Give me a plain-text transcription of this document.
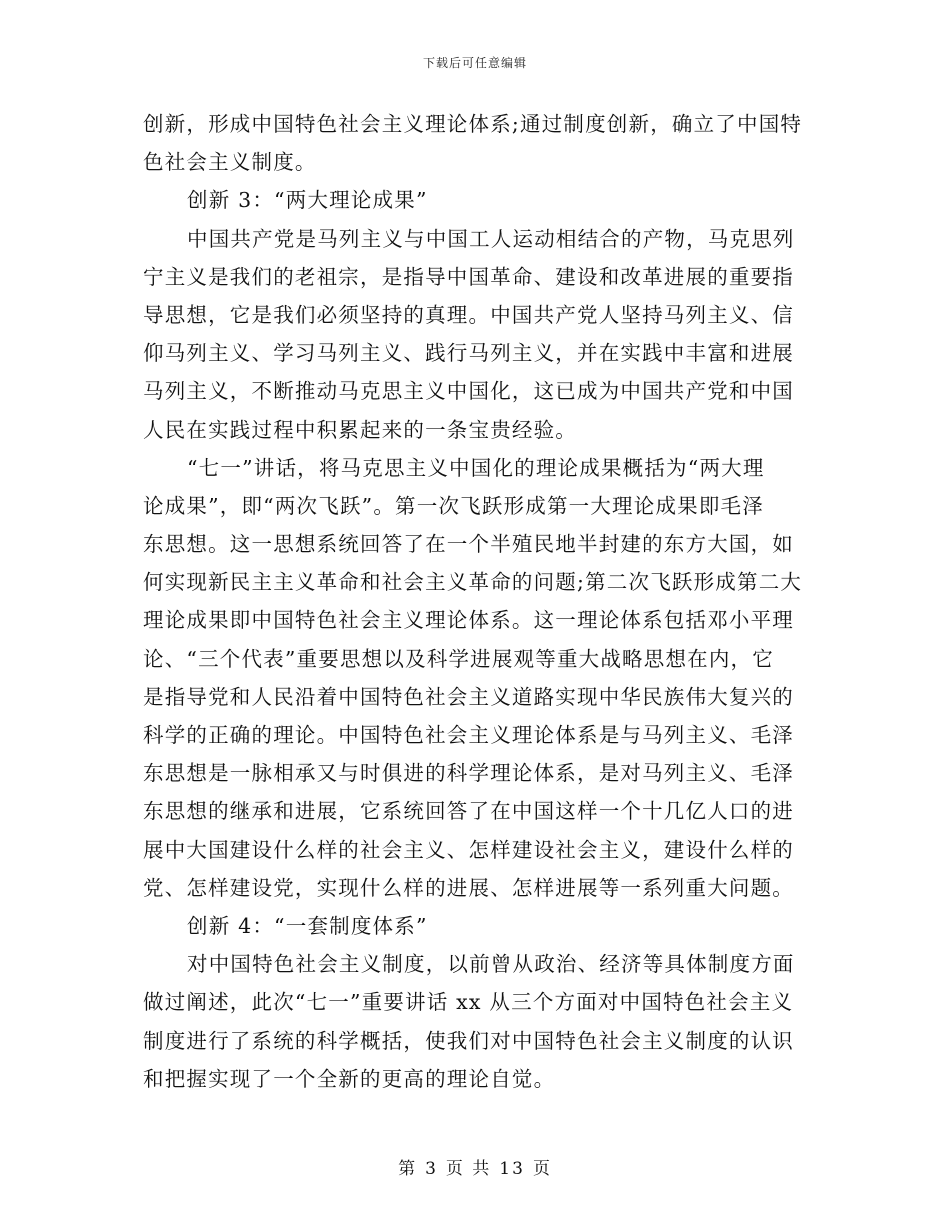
下载后可任意编辑
创新，形成中国特色社会主义理论体系;通过制度创新，确立了中国特
色社会主义制度。
创新 3：“两大理论成果”
中国共产党是马列主义与中国工人运动相结合的产物，马克思列
宁主义是我们的老祖宗，是指导中国革命、建设和改革进展的重要指
导思想，它是我们必须坚持的真理。中国共产党人坚持马列主义、信
仰马列主义、学习马列主义、践行马列主义，并在实践中丰富和进展
马列主义，不断推动马克思主义中国化，这已成为中国共产党和中国
人民在实践过程中积累起来的一条宝贵经验。
“七一”讲话，将马克思主义中国化的理论成果概括为“两大理
论成果”，即“两次飞跃”。第一次飞跃形成第一大理论成果即毛泽
东思想。这一思想系统回答了在一个半殖民地半封建的东方大国，如
何实现新民主主义革命和社会主义革命的问题;第二次飞跃形成第二大
理论成果即中国特色社会主义理论体系。这一理论体系包括邓小平理
论、“三个代表”重要思想以及科学进展观等重大战略思想在内，它
是指导党和人民沿着中国特色社会主义道路实现中华民族伟大复兴的
科学的正确的理论。中国特色社会主义理论体系是与马列主义、毛泽
东思想是一脉相承又与时俱进的科学理论体系，是对马列主义、毛泽
东思想的继承和进展，它系统回答了在中国这样一个十几亿人口的进
展中大国建设什么样的社会主义、怎样建设社会主义，建设什么样的
党、怎样建设党，实现什么样的进展、怎样进展等一系列重大问题。
创新 4：“一套制度体系”
对中国特色社会主义制度，以前曾从政治、经济等具体制度方面
做过阐述，此次“七一”重要讲话 xx 从三个方面对中国特色社会主义
制度进行了系统的科学概括，使我们对中国特色社会主义制度的认识
和把握实现了一个全新的更高的理论自觉。
第 3 页 共 13 页
